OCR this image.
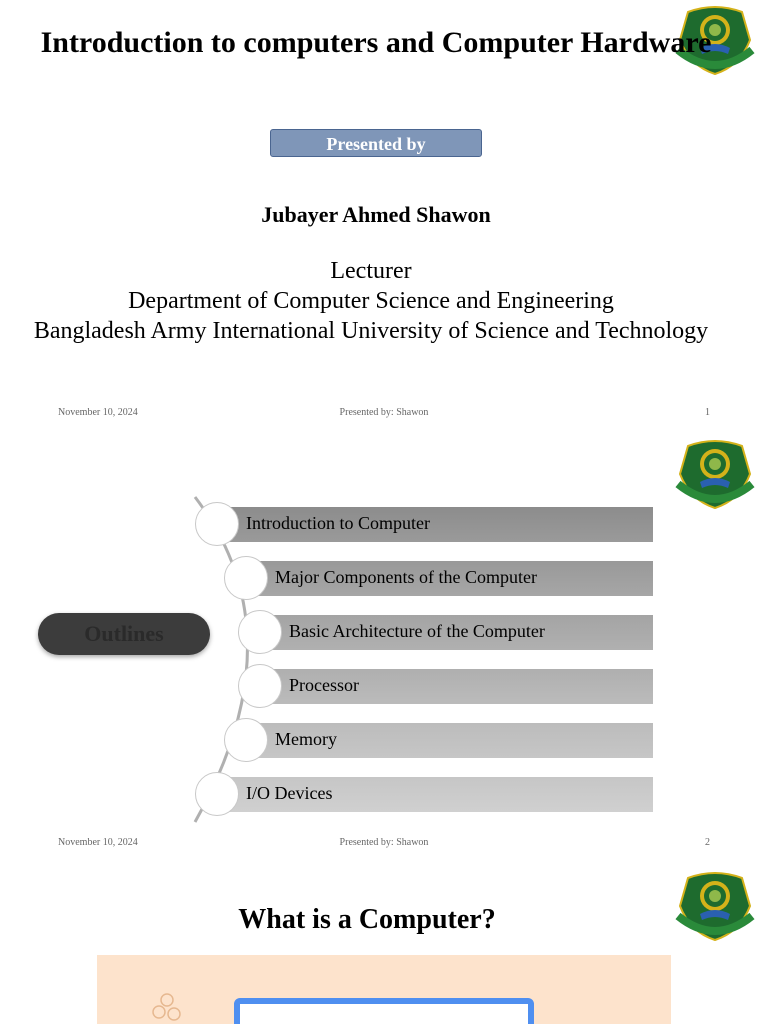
Introduction to computers and Computer Hardware
Presented by
Jubayer Ahmed Shawon
Lecturer
Department of Computer Science and Engineering
Bangladesh Army International University of Science and Technology
November 10, 2024	Presented by: Shawon	1
Outlines
Introduction to Computer
Major Components of the Computer
Basic Architecture of the Computer
Processor
Memory
I/O Devices
November 10, 2024	Presented by: Shawon	2
What is a Computer?
